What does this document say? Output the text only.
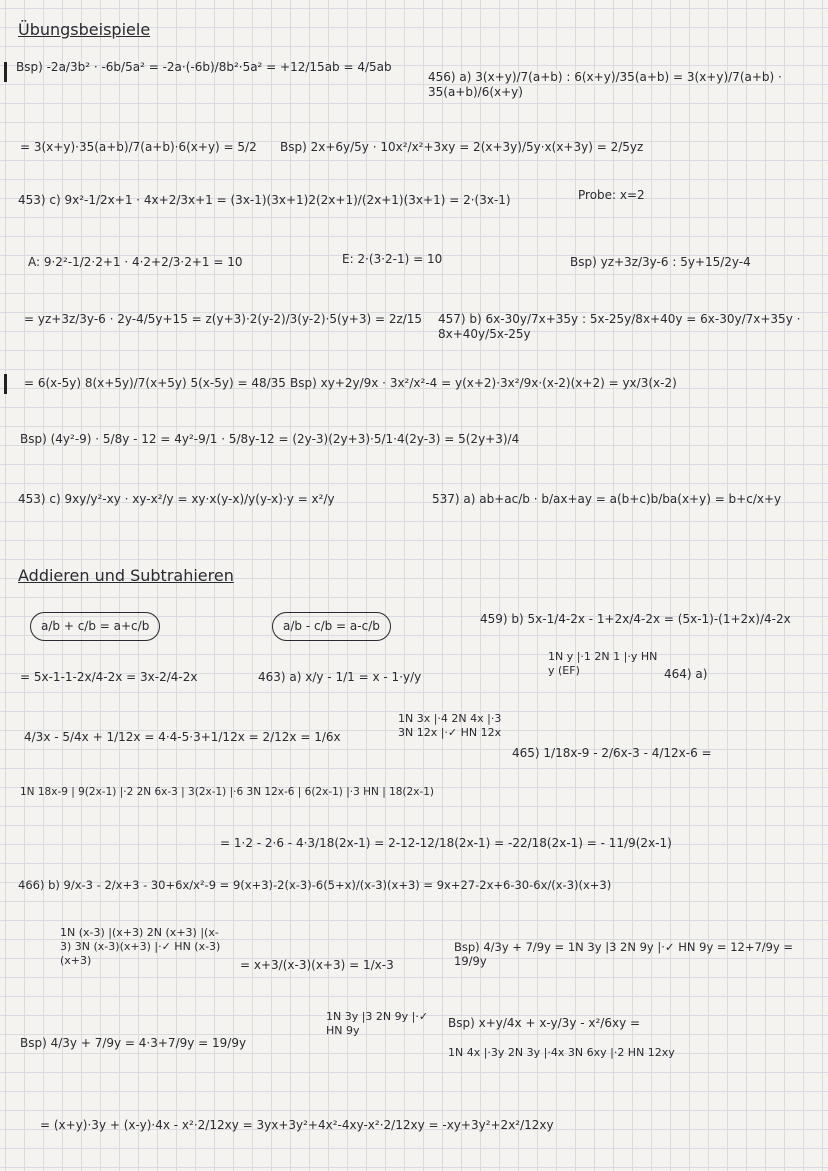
Übungsbeispiele
Bsp) -2a/3b² · -6b/5a² = -2a·(-6b)/8b²·5a² = +12/15ab = 4/5ab
456) a) 3(x+y)/7(a+b) : 6(x+y)/35(a+b) = 3(x+y)/7(a+b) · 35(a+b)/6(x+y)
= 3(x+y)·35(a+b)/7(a+b)·6(x+y) = 5/2	Bsp) 2x+6y/5y · 10x²/x²+3xy = 2(x+3y)/5y·x(x+3y) = 2/5yz
453) c) 9x²-1/2x+1 · 4x+2/3x+1 = (3x-1)(3x+1)2(2x+1)/(2x+1)(3x+1) = 2·(3x-1)	Probe: x=2
A: 9·2²-1/2·2+1 · 4·2+2/3·2+1 = 10	E: 2·(3·2-1) = 10	Bsp) yz+3z/3y-6 : 5y+15/2y-4
= yz+3z/3y-6 · 2y-4/5y+15 = z(y+3)·2(y-2)/3(y-2)·5(y+3) = 2z/15	457) b) 6x-30y/7x+35y : 5x-25y/8x+40y = 6x-30y/7x+35y · 8x+40y/5x-25y
= 6(x-5y) 8(x+5y)/7(x+5y) 5(x-5y) = 48/35 Bsp) xy+2y/9x · 3x²/x²-4 = y(x+2)·3x²/9x·(x-2)(x+2) = yx/3(x-2)
Bsp) (4y²-9) · 5/8y - 12 = 4y²-9/1 · 5/8y-12 = (2y-3)(2y+3)·5/1·4(2y-3) = 5(2y+3)/4
453) c) 9xy/y²-xy · xy-x²/y = xy·x(y-x)/y(y-x)·y = x²/y	537) a) ab+ac/b · b/ax+ay = a(b+c)b/ba(x+y) = b+c/x+y
Addieren und Subtrahieren
a/b + c/b = a+c/b	a/b - c/b = a-c/b	459) b) 5x-1/4-2x - 1+2x/4-2x = (5x-1)-(1+2x)/4-2x
= 5x-1-1-2x/4-2x = 3x-2/4-2x	463) a) x/y - 1/1 = x - 1·y/y
1N y |·1 2N 1 |·y HN y (EF)	464) a)
4/3x - 5/4x + 1/12x = 4·4-5·3+1/12x = 2/12x = 1/6x
1N 3x |·4 2N 4x |·3 3N 12x |·✓ HN 12x
465) 1/18x-9 - 2/6x-3 - 4/12x-6 =
1N 18x-9 | 9(2x-1) |·2 2N 6x-3 | 3(2x-1) |·6 3N 12x-6 | 6(2x-1) |·3 HN | 18(2x-1)
= 1·2 - 2·6 - 4·3/18(2x-1) = 2-12-12/18(2x-1) = -22/18(2x-1) = - 11/9(2x-1)
466) b) 9/x-3 - 2/x+3 - 30+6x/x²-9 = 9(x+3)-2(x-3)-6(5+x)/(x-3)(x+3) = 9x+27-2x+6-30-6x/(x-3)(x+3)
1N (x-3) |(x+3) 2N (x+3) |(x-3) 3N (x-3)(x+3) |·✓ HN (x-3)(x+3)	= x+3/(x-3)(x+3) = 1/x-3
Bsp) 4/3y + 7/9y = 1N 3y |3 2N 9y |·✓ HN 9y = 12+7/9y = 19/9y
Bsp) 4/3y + 7/9y = 4·3+7/9y = 19/9y
1N 3y |3 2N 9y |·✓ HN 9y
Bsp) x+y/4x + x-y/3y - x²/6xy =
1N 4x |·3y 2N 3y |·4x 3N 6xy |·2 HN 12xy
= (x+y)·3y + (x-y)·4x - x²·2/12xy = 3yx+3y²+4x²-4xy-x²·2/12xy = -xy+3y²+2x²/12xy
